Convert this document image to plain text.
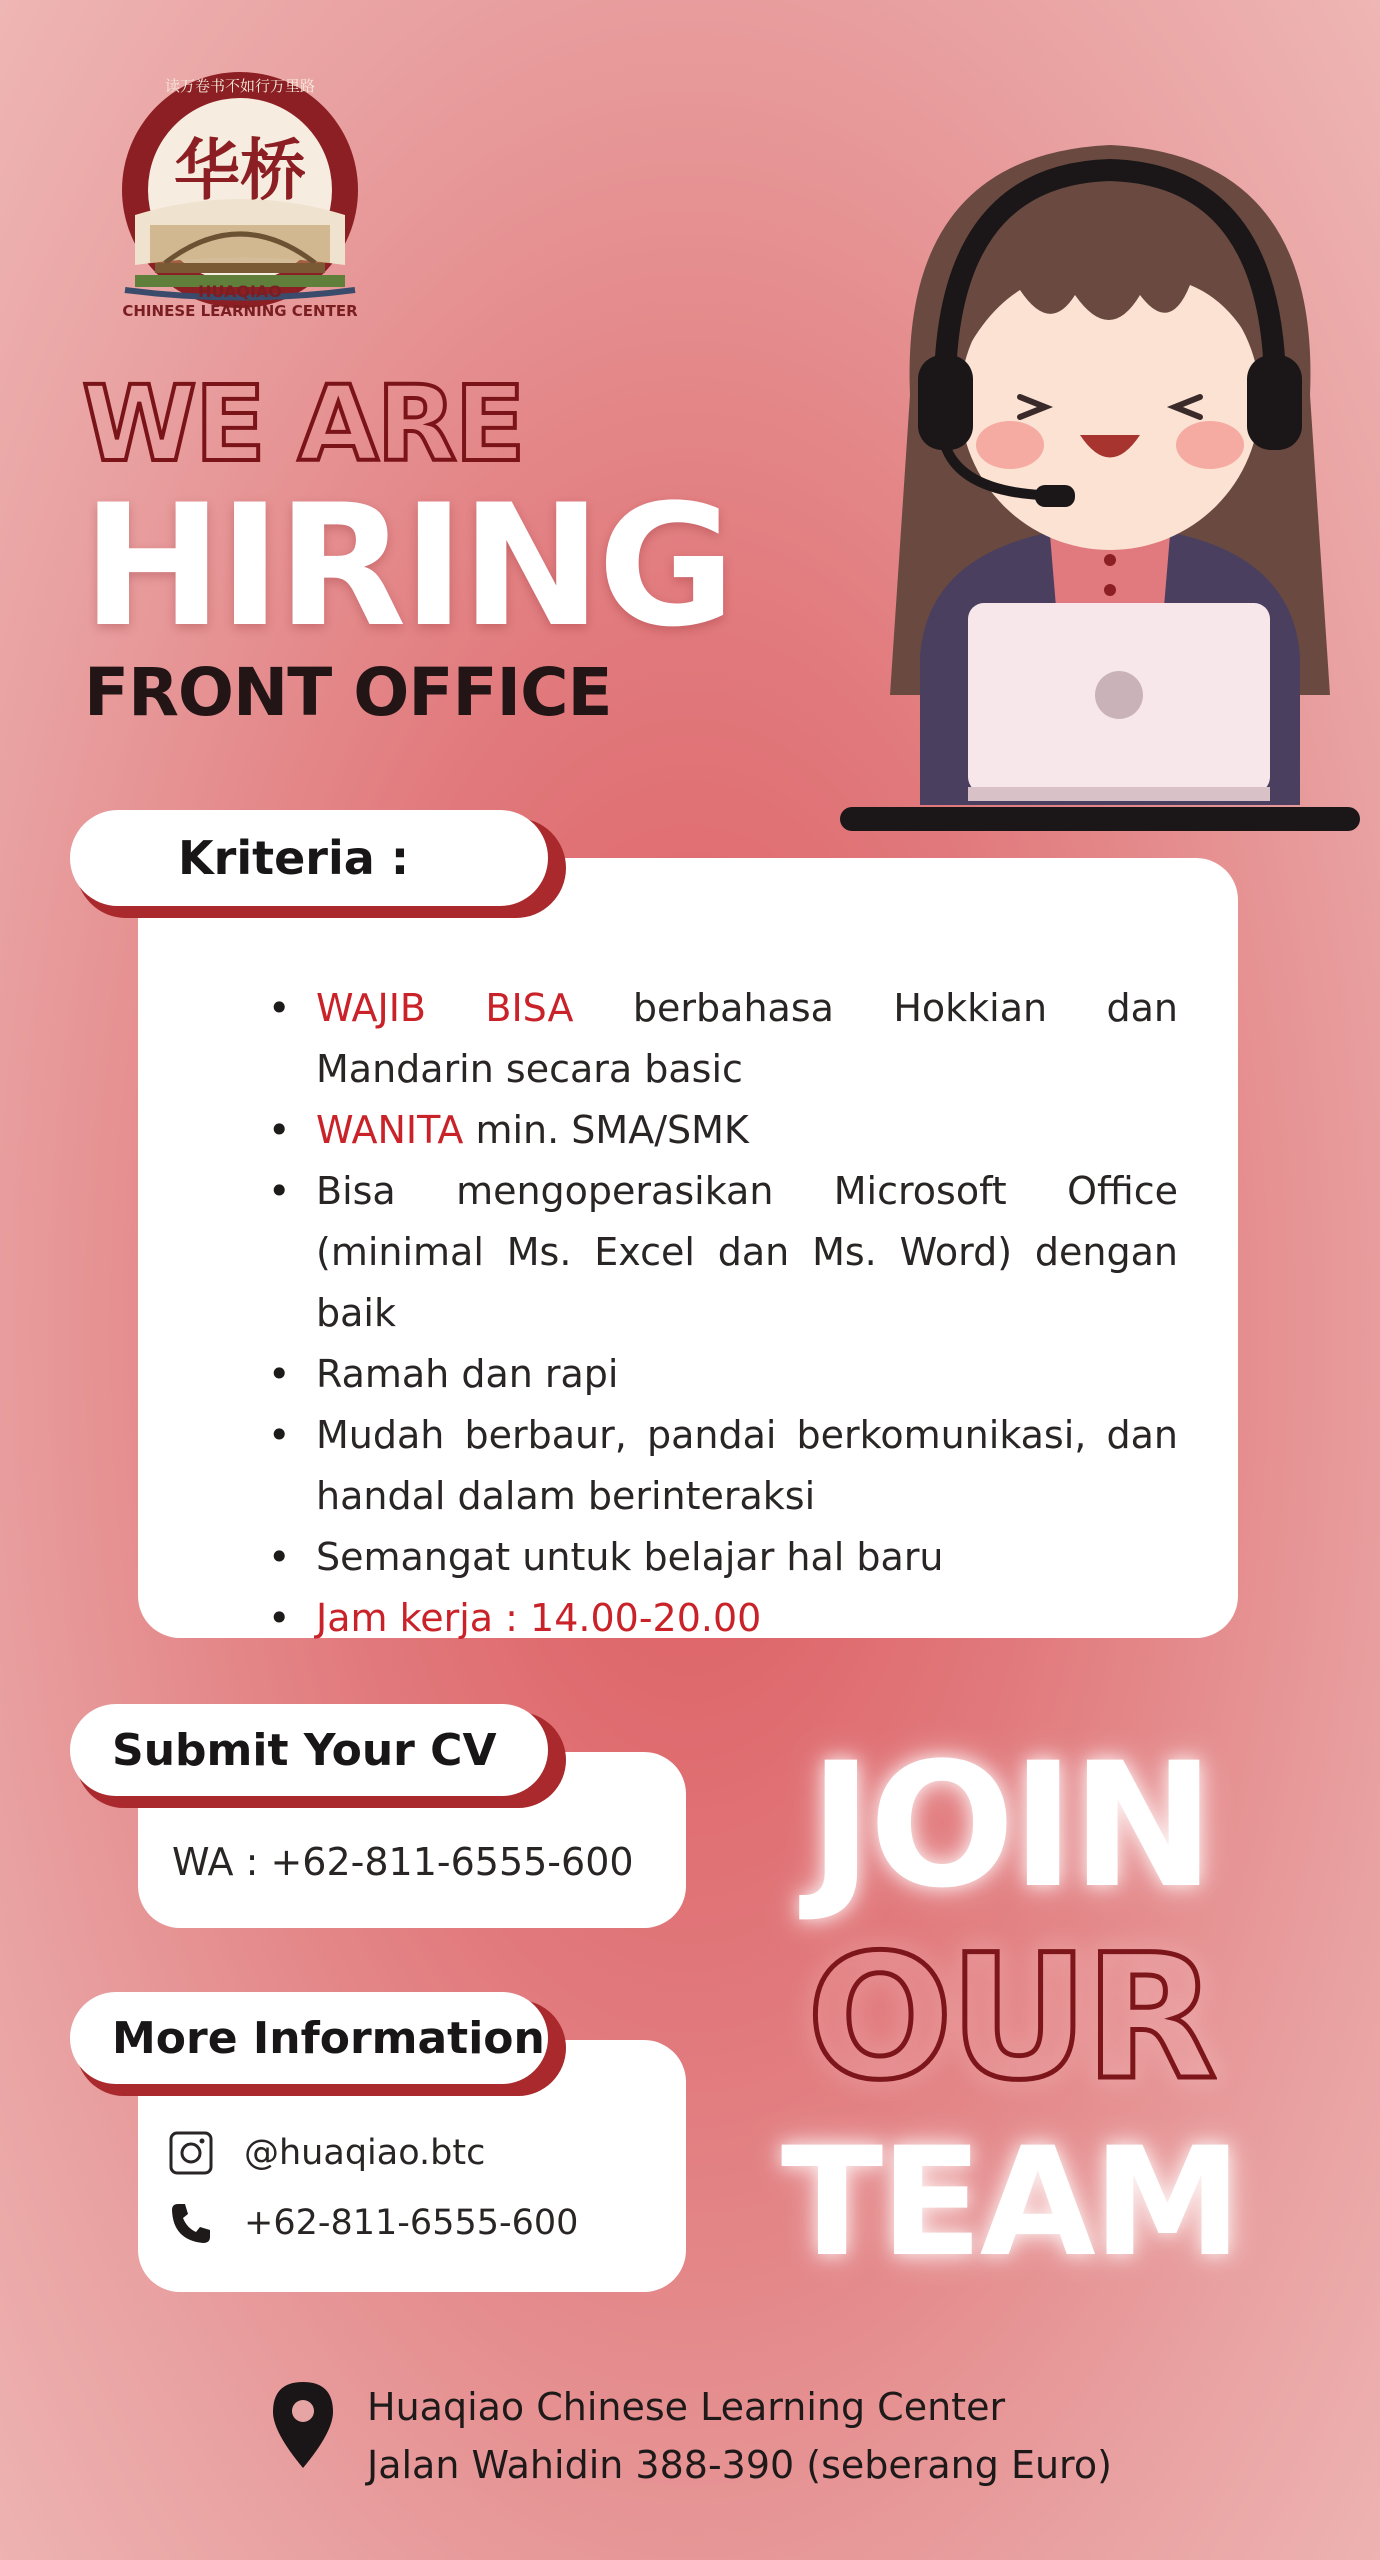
华桥
读万卷书不如行万里路
HUAQIAO
CHINESE LEARNING CENTER
WE ARE
HIRING
FRONT OFFICE
• WAJIB BISA berbahasa Hokkian dan Mandarin secara basic
• WANITA min. SMA/SMK
• Bisa mengoperasikan Microsoft Office (minimal Ms. Excel dan Ms. Word) dengan baik
• Ramah dan rapi
• Mudah berbaur, pandai berkomunikasi, dan handal dalam berinteraksi
• Semangat untuk belajar hal baru
• Jam kerja : 14.00-20.00
Kriteria :
WA : +62-811-6555-600
Submit Your CV
@huaqiao.btc
+62-811-6555-600
More Information
JOIN
OUR
TEAM
Huaqiao Chinese Learning Center
Jalan Wahidin 388-390 (seberang Euro)
